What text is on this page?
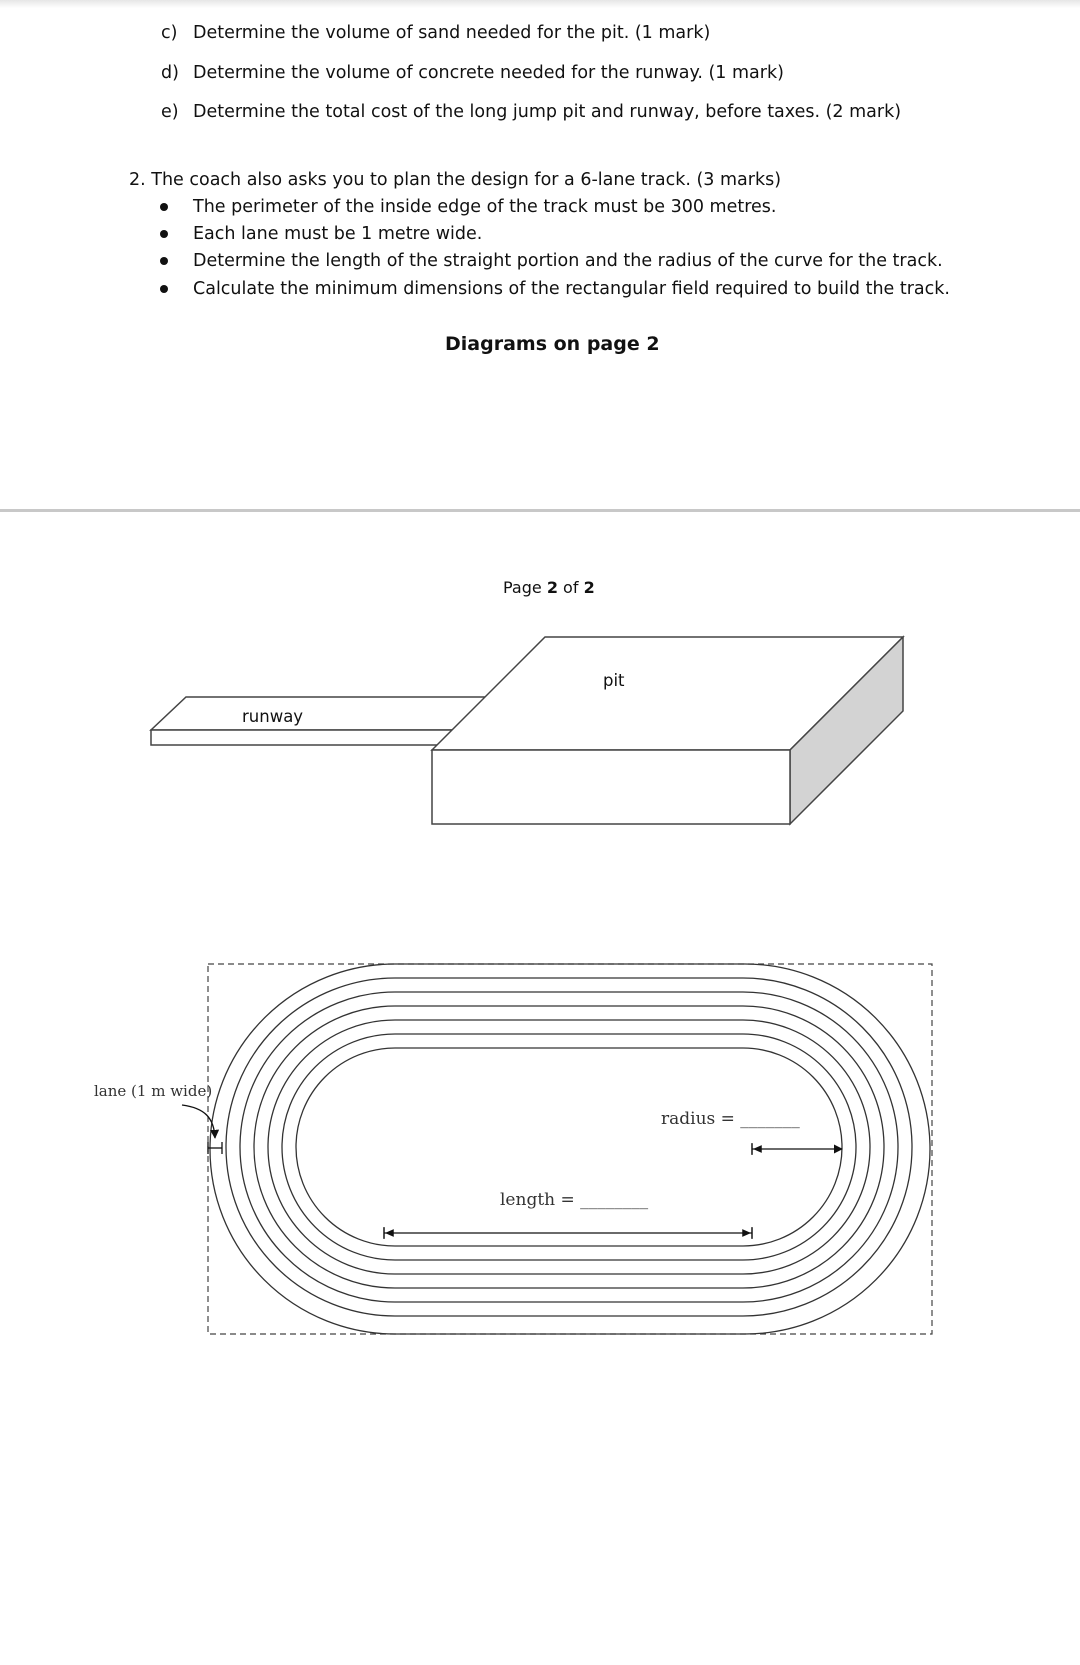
c) Determine the volume of sand needed for the pit. (1 mark)
d) Determine the volume of concrete needed for the runway. (1 mark)
e) Determine the total cost of the long jump pit and runway, before taxes. (2 mark)
2. The coach also asks you to plan the design for a 6-lane track. (3 marks)
The perimeter of the inside edge of the track must be 300 metres.
Each lane must be 1 metre wide.
Determine the length of the straight portion and the radius of the curve for the track.
Calculate the minimum dimensions of the rectangular field required to build the track.
Diagrams on page 2
Page 2 of 2
pit
runway
lane (1 m wide)
radius = _______
length = ________
